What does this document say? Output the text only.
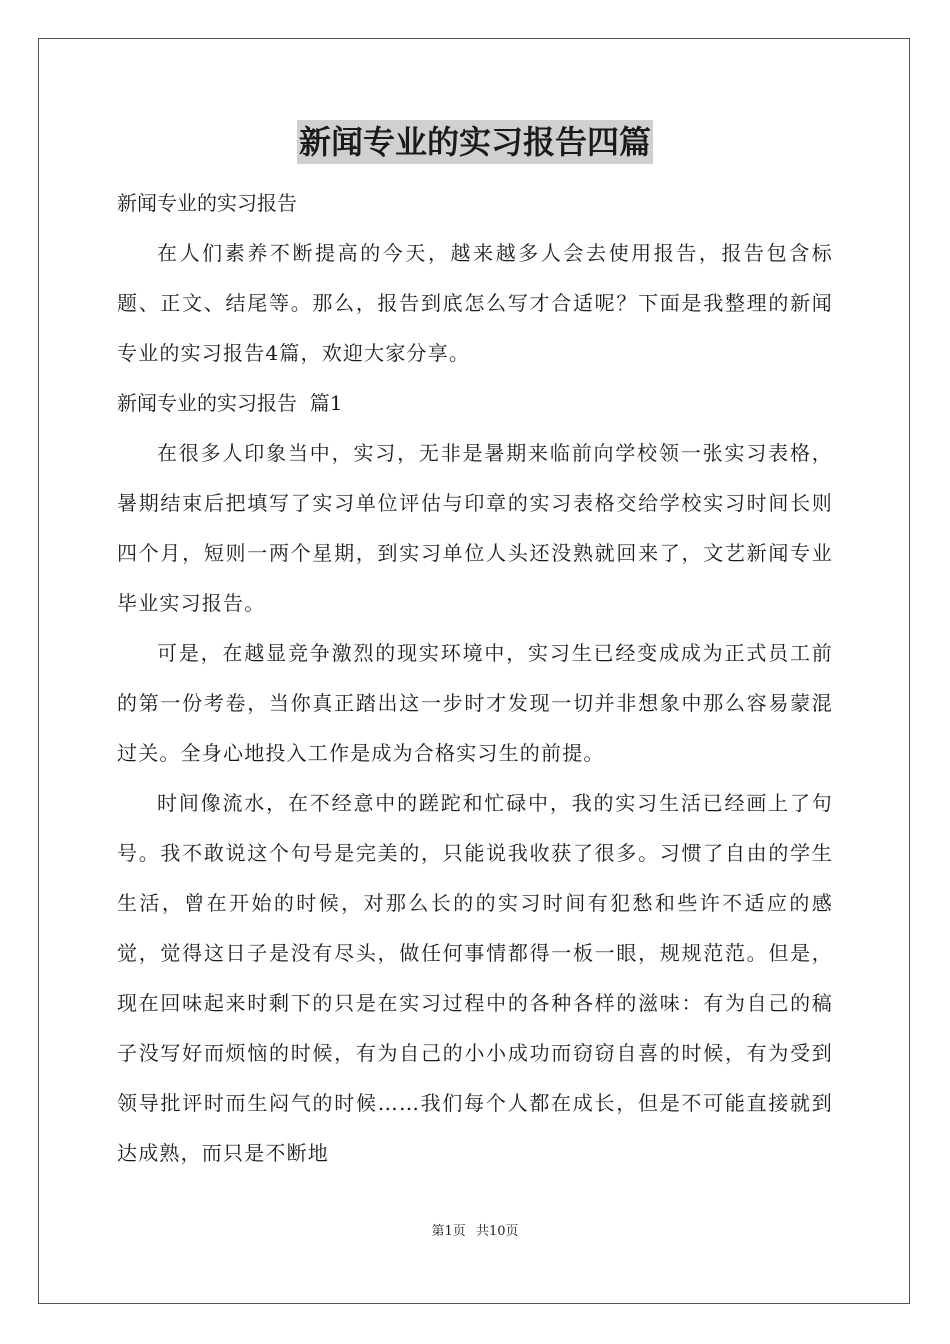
新闻专业的实习报告四篇
新闻专业的实习报告

在人们素养不断提高的今天，越来越多人会去使用报告，报告包含标题、正文、结尾等。那么，报告到底怎么写才合适呢？下面是我整理的新闻专业的实习报告4篇，欢迎大家分享。

新闻专业的实习报告  篇1

在很多人印象当中，实习，无非是暑期来临前向学校领一张实习表格，暑期结束后把填写了实习单位评估与印章的实习表格交给学校实习时间长则四个月，短则一两个星期，到实习单位人头还没熟就回来了，文艺新闻专业毕业实习报告。

可是，在越显竞争激烈的现实环境中，实习生已经变成成为正式员工前的第一份考卷，当你真正踏出这一步时才发现一切并非想象中那么容易蒙混过关。全身心地投入工作是成为合格实习生的前提。

时间像流水，在不经意中的蹉跎和忙碌中，我的实习生活已经画上了句号。我不敢说这个句号是完美的，只能说我收获了很多。习惯了自由的学生生活，曾在开始的时候，对那么长的的实习时间有犯愁和些许不适应的感觉，觉得这日子是没有尽头，做任何事情都得一板一眼，规规范范。但是，现在回味起来时剩下的只是在实习过程中的各种各样的滋味：有为自己的稿子没写好而烦恼的时候，有为自己的小小成功而窃窃自喜的时候，有为受到领导批评时而生闷气的时候……我们每个人都在成长，但是不可能直接就到达成熟，而只是不断地

第1页 共10页
